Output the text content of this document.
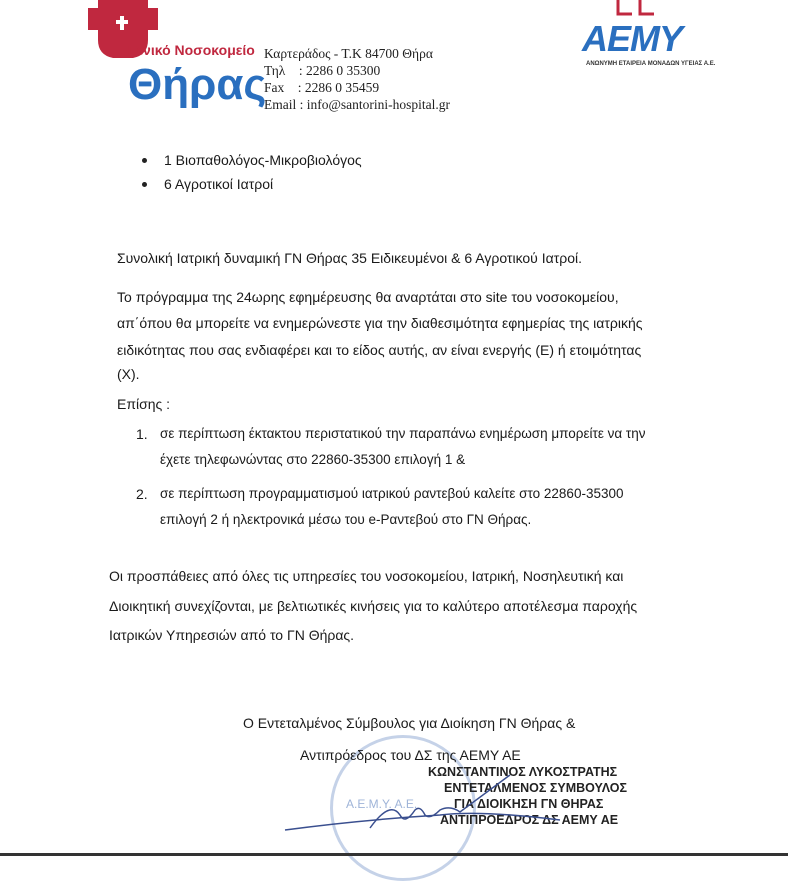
Γενικό Νοσοκομείο
Θήρας
Καρτεράδος - Τ.Κ 84700 Θήρα
Τηλ    : 2286 0 35300
Fax    : 2286 0 35459
Email : info@santorini-hospital.gr
AEMY
ΑΝΩΝΥΜΗ ΕΤΑΙΡΕΙΑ ΜΟΝΑΔΩΝ ΥΓΕΙΑΣ Α.Ε.
1 Βιοπαθολόγος-Μικροβιολόγος
6 Αγροτικοί Ιατροί
Συνολική Ιατρική δυναμική ΓΝ Θήρας 35 Ειδικευμένοι & 6 Αγροτικού Ιατροί.
Το πρόγραμμα της 24ωρης εφημέρευσης θα αναρτάται στο site του νοσοκομείου,
απ΄όπου θα μπορείτε να ενημερώνεστε για την διαθεσιμότητα εφημερίας της ιατρικής
ειδικότητας που σας ενδιαφέρει και το είδος αυτής, αν είναι ενεργής (Ε) ή ετοιμότητας
(Χ).
Επίσης :
1. σε περίπτωση έκτακτου περιστατικού την παραπάνω ενημέρωση μπορείτε να την
έχετε τηλεφωνώντας στο 22860-35300 επιλογή 1 &
2. σε περίπτωση προγραμματισμού ιατρικού ραντεβού καλείτε στο 22860-35300
επιλογή 2 ή ηλεκτρονικά μέσω του e-Ραντεβού στο ΓΝ Θήρας.
Οι προσπάθειες από όλες τις υπηρεσίες του νοσοκομείου, Ιατρική, Νοσηλευτική και
Διοικητική συνεχίζονται, με βελτιωτικές κινήσεις για το καλύτερο αποτέλεσμα παροχής
Ιατρικών Υπηρεσιών από το ΓΝ Θήρας.
Α.Ε.Μ.Υ. Α.Ε.
Ο Εντεταλμένος Σύμβουλος για Διοίκηση ΓΝ Θήρας &
Αντιπρόεδρος του ΔΣ της ΑΕΜΥ ΑΕ
ΚΩΝΣΤΑΝΤΙΝΟΣ ΛΥΚΟΣΤΡΑΤΗΣ
ΕΝΤΕΤΑΛΜΕΝΟΣ ΣΥΜΒΟΥΛΟΣ
ΓΙΑ ΔΙΟΙΚΗΣΗ ΓΝ ΘΗΡΑΣ
ΑΝΤΙΠΡΟΕΔΡΟΣ ΔΣ ΑΕΜΥ ΑΕ
